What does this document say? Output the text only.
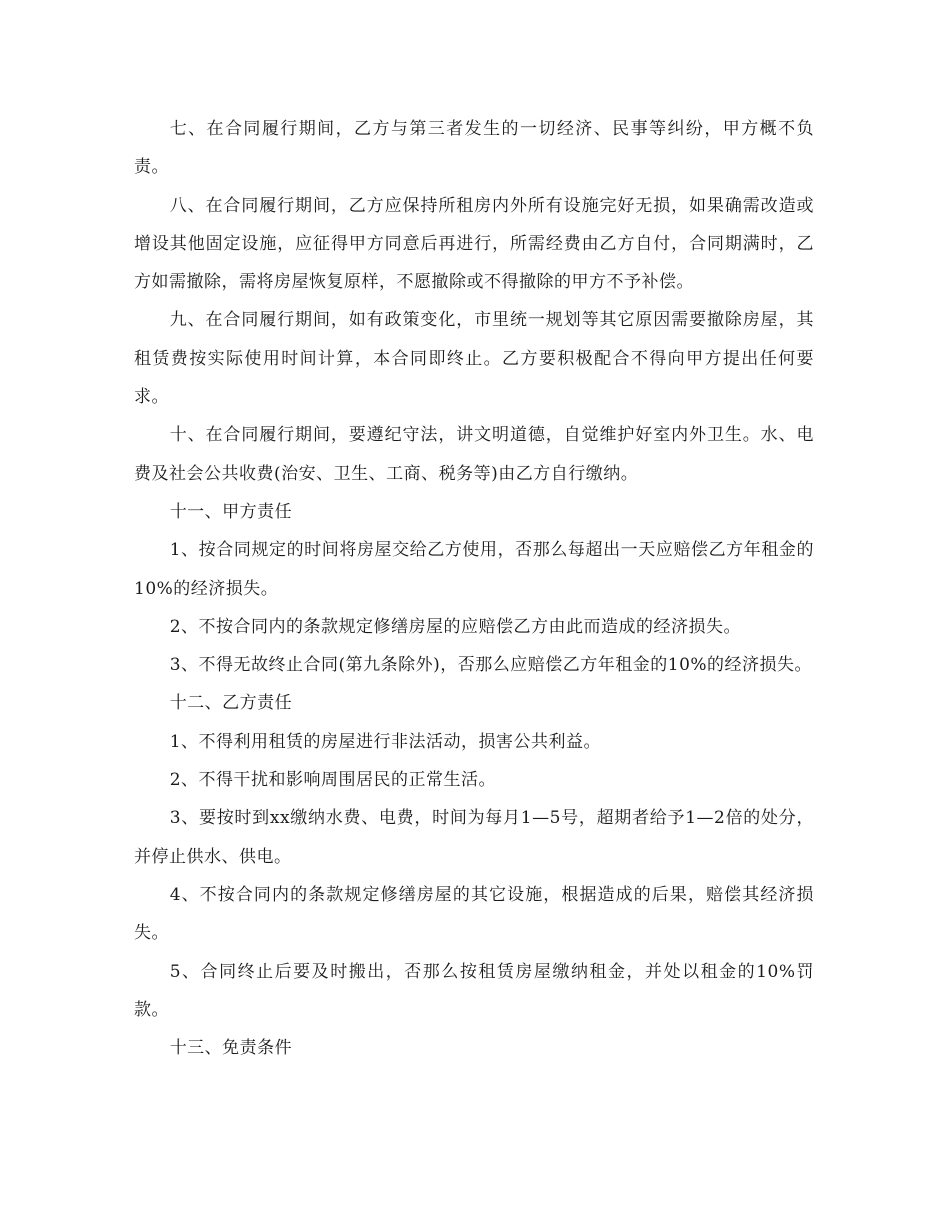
七、在合同履行期间，乙方与第三者发生的一切经济、民事等纠纷，甲方概不负责。

八、在合同履行期间，乙方应保持所租房内外所有设施完好无损，如果确需改造或增设其他固定设施，应征得甲方同意后再进行，所需经费由乙方自付，合同期满时，乙方如需撤除，需将房屋恢复原样，不愿撤除或不得撤除的甲方不予补偿。

九、在合同履行期间，如有政策变化，市里统一规划等其它原因需要撤除房屋，其租赁费按实际使用时间计算，本合同即终止。乙方要积极配合不得向甲方提出任何要求。

十、在合同履行期间，要遵纪守法，讲文明道德，自觉维护好室内外卫生。水、电费及社会公共收费(治安、卫生、工商、税务等)由乙方自行缴纳。

十一、甲方责任

1、按合同规定的时间将房屋交给乙方使用，否那么每超出一天应赔偿乙方年租金的10%的经济损失。

2、不按合同内的条款规定修缮房屋的应赔偿乙方由此而造成的经济损失。

3、不得无故终止合同(第九条除外)，否那么应赔偿乙方年租金的10%的经济损失。

十二、乙方责任

1、不得利用租赁的房屋进行非法活动，损害公共利益。

2、不得干扰和影响周围居民的正常生活。

3、要按时到xx缴纳水费、电费，时间为每月1—5号，超期者给予1—2倍的处分，并停止供水、供电。

4、不按合同内的条款规定修缮房屋的其它设施，根据造成的后果，赔偿其经济损失。

5、合同终止后要及时搬出，否那么按租赁房屋缴纳租金，并处以租金的10%罚款。

十三、免责条件
